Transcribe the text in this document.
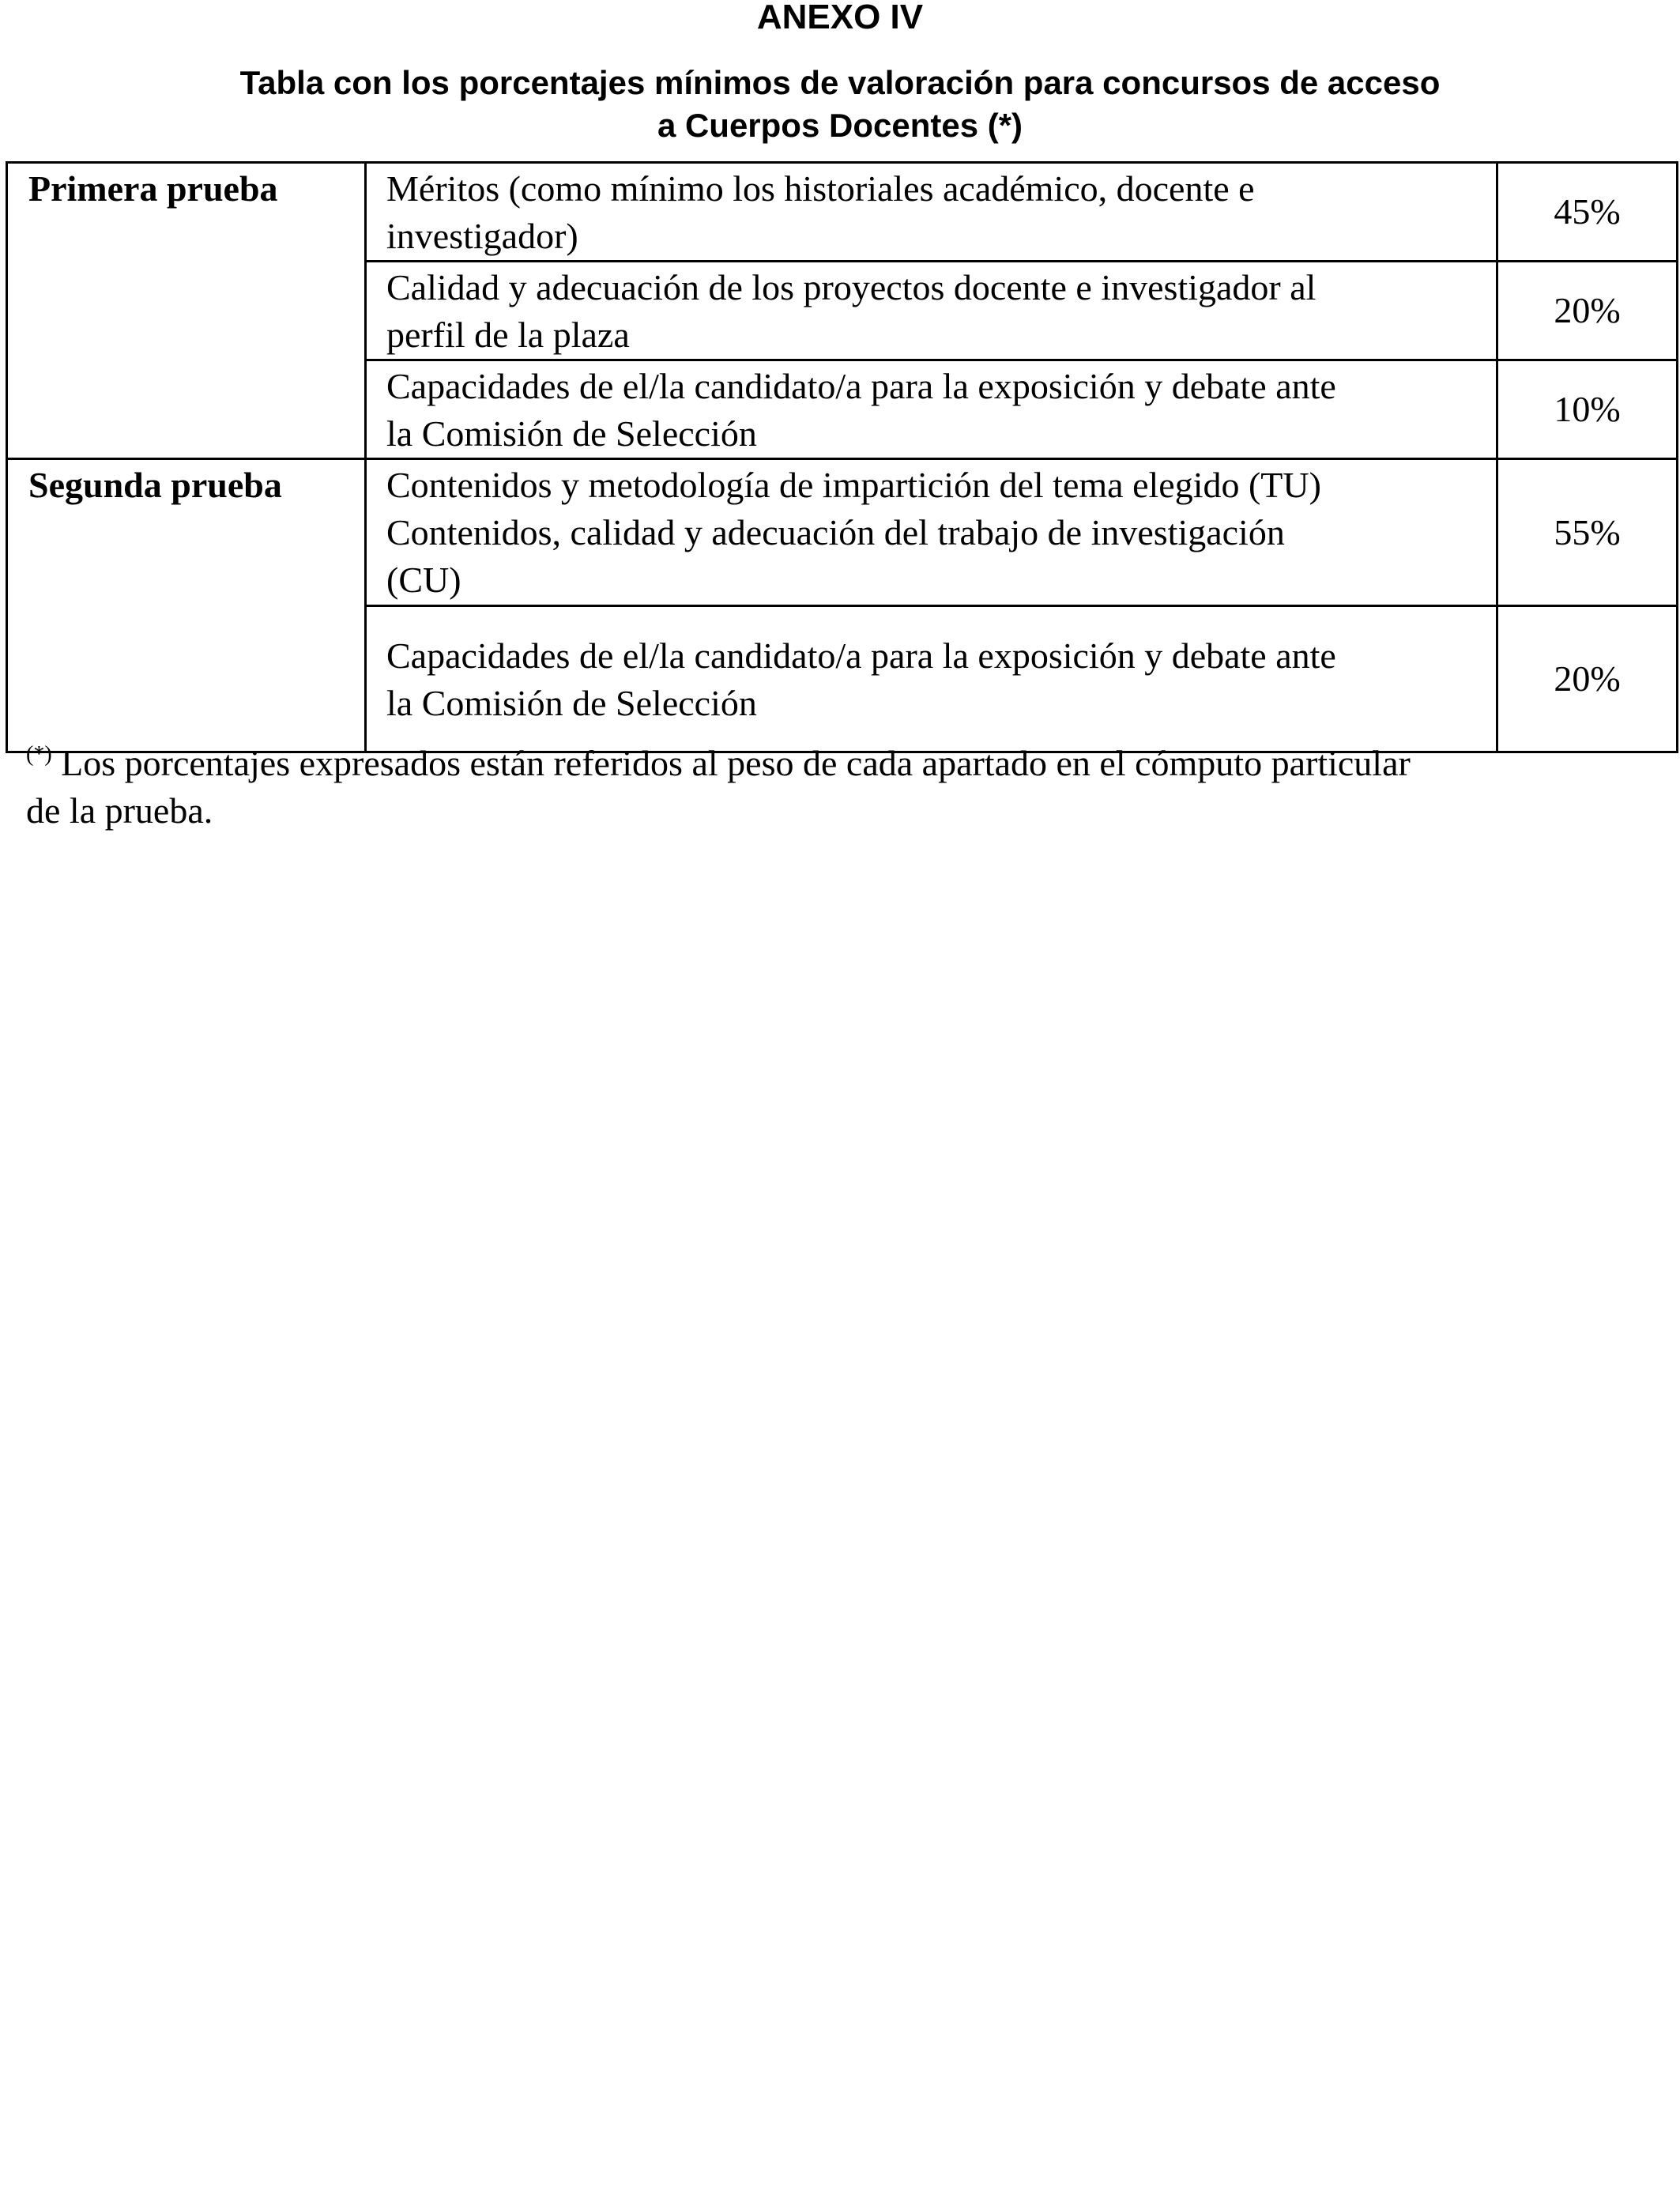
ANEXO IV
Tabla con los porcentajes mínimos de valoración para concursos de acceso
a Cuerpos Docentes (*)
Primera prueba	Méritos (como mínimo los historiales académico, docente e
investigador)	45%

	Calidad y adecuación de los proyectos docente e investigador al
perfil de la plaza	20%

	Capacidades de el/la candidato/a para la exposición y debate ante
la Comisión de Selección	10%
Segunda prueba	Contenidos y metodología de impartición del tema elegido (TU)
Contenidos, calidad y adecuación del trabajo de investigación
(CU)	55%

	Capacidades de el/la candidato/a para la exposición y debate ante
la Comisión de Selección	20%
(*) Los porcentajes expresados están referidos al peso de cada apartado en el cómputo particular
de la prueba.
